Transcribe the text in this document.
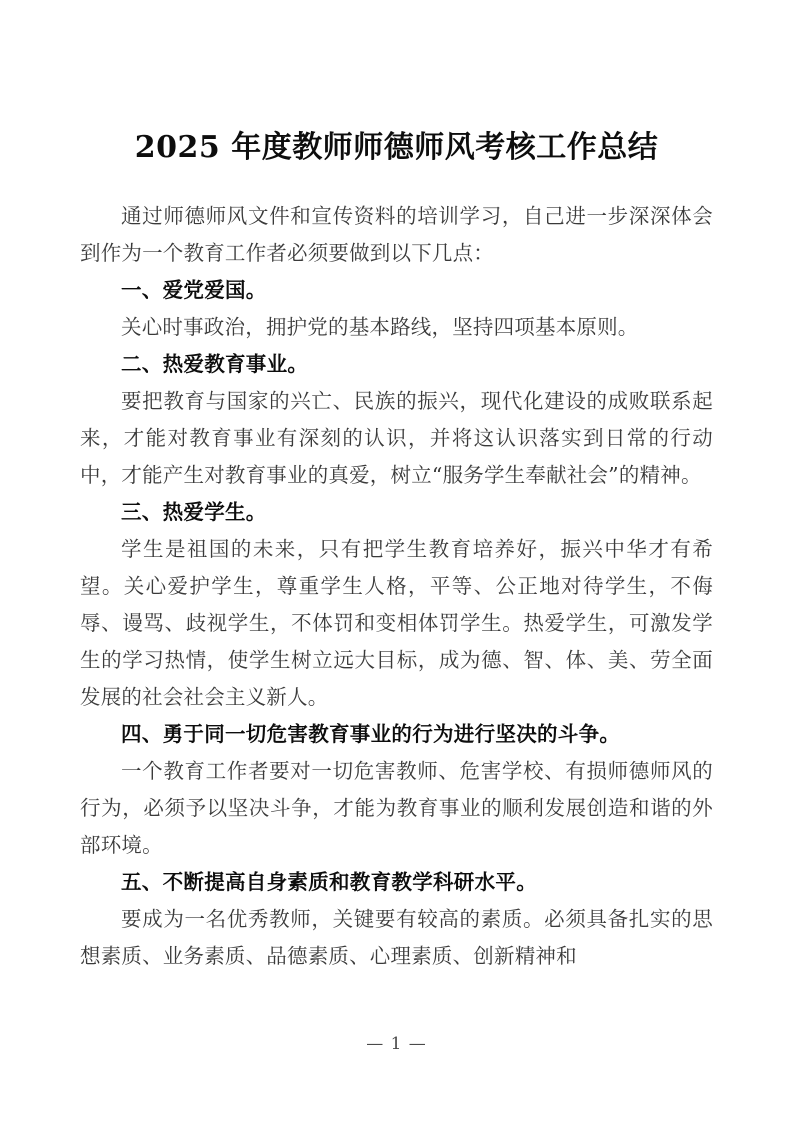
2025 年度教师师德师风考核工作总结

通过师德师风文件和宣传资料的培训学习，自己进一步深深体会到作为一个教育工作者必须要做到以下几点：

一、爱党爱国。

关心时事政治，拥护党的基本路线，坚持四项基本原则。

二、热爱教育事业。

要把教育与国家的兴亡、民族的振兴，现代化建设的成败联系起来，才能对教育事业有深刻的认识，并将这认识落实到日常的行动中，才能产生对教育事业的真爱，树立“服务学生奉献社会”的精神。

三、热爱学生。

学生是祖国的未来，只有把学生教育培养好，振兴中华才有希望。关心爱护学生，尊重学生人格，平等、公正地对待学生，不侮辱、谩骂、歧视学生，不体罚和变相体罚学生。热爱学生，可激发学生的学习热情，使学生树立远大目标，成为德、智、体、美、劳全面发展的社会社会主义新人。

四、勇于同一切危害教育事业的行为进行坚决的斗争。

一个教育工作者要对一切危害教师、危害学校、有损师德师风的行为，必须予以坚决斗争，才能为教育事业的顺利发展创造和谐的外部环境。

五、不断提高自身素质和教育教学科研水平。

要成为一名优秀教师，关键要有较高的素质。必须具备扎实的思想素质、业务素质、品德素质、心理素质、创新精神和

— 1 —
